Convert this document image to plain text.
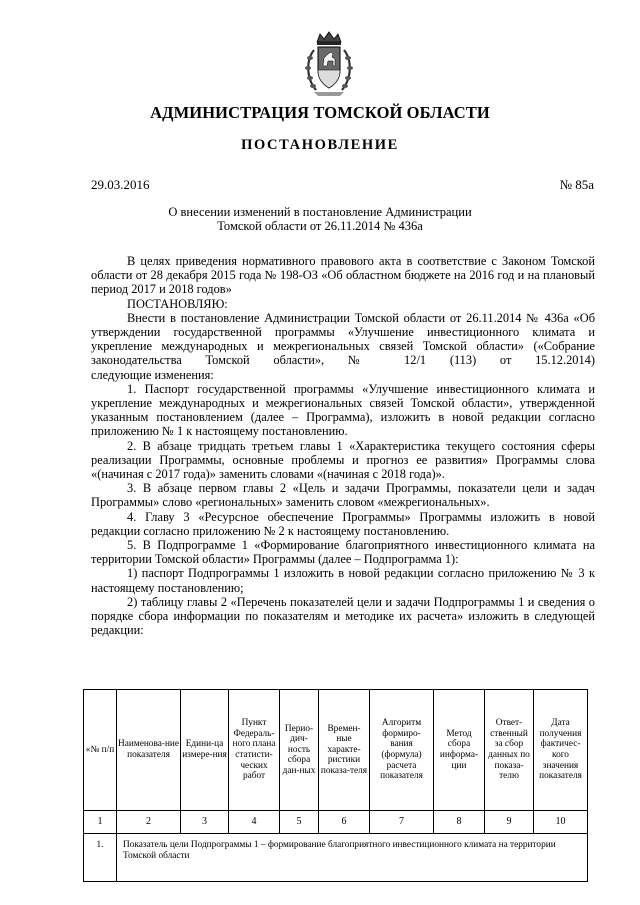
АДМИНИСТРАЦИЯ ТОМСКОЙ ОБЛАСТИ
ПОСТАНОВЛЕНИЕ
29.03.2016	№ 85а
О внесении изменений в постановление Администрации
Томской области от 26.11.2014 № 436а

В целях приведения нормативного правового акта в соответствие с Законом Томской области от 28 декабря 2015 года № 198-ОЗ «Об областном бюджете на 2016 год и на плановый период 2017 и 2018 годов»

ПОСТАНОВЛЯЮ:

Внести в постановление Администрации Томской области от 26.11.2014 № 436а «Об утверждении государственной программы «Улучшение инвестиционного климата и укрепление международных и межрегиональных связей Томской области» («Собрание законодательства Томской области», № 12/1 (113) от 15.12.2014)

следующие изменения:

1. Паспорт государственной программы «Улучшение инвестиционного климата и укрепление международных и межрегиональных связей Томской области», утвержденной указанным постановлением (далее – Программа), изложить в новой редакции согласно приложению № 1 к настоящему постановлению.

2. В абзаце тридцать третьем главы 1 «Характеристика текущего состояния сферы реализации Программы, основные проблемы и прогноз ее развития» Программы слова «(начиная с 2017 года)» заменить словами «(начиная с 2018 года)».

3. В абзаце первом главы 2 «Цель и задачи Программы, показатели цели и задач Программы» слово «региональных» заменить словом «межрегиональных».

4. Главу 3 «Ресурсное обеспечение Программы» Программы изложить в новой редакции согласно приложению № 2 к настоящему постановлению.

5. В Подпрограмме 1 «Формирование благоприятного инвестиционного климата на территории Томской области» Программы (далее – Подпрограмма 1):

1) паспорт Подпрограммы 1 изложить в новой редакции согласно приложению № 3 к настоящему постановлению;

2) таблицу главы 2 «Перечень показателей цели и задачи Подпрограммы 1 и сведения о порядке сбора информации по показателям и методике их расчета» изложить в следующей редакции:

«№ п/п	Наименова-ние показателя	Едини-ца измере-ния	Пункт Федераль-ного плана статисти-ческих работ	Перио-дич-ность сбора дан-ных	Времен-ные характе-ристики показа-теля	Алгоритм формиро-вания (формула) расчета показателя	Метод сбора информа-ции	Ответ-ственный за сбор данных по показа-телю	Дата получения фактичес-кого значения показателя
1	2	3	4	5	6	7	8	9	10
1.	Показатель цели Подпрограммы 1 – формирование благоприятного инвестиционного климата на территории Томской области								
